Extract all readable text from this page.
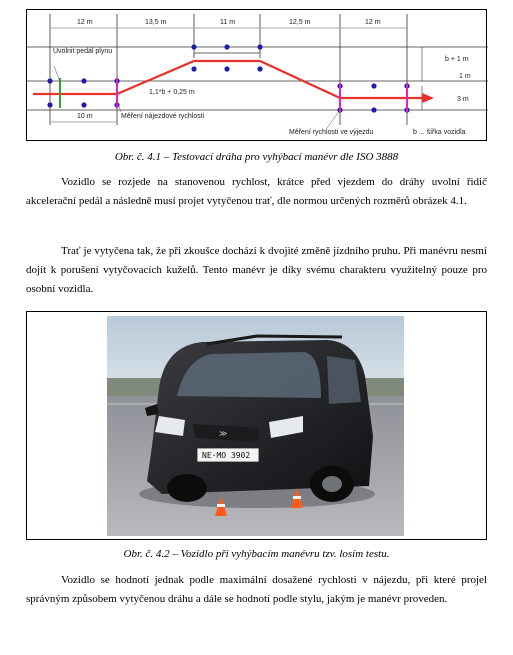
12 m	13,5 m	11 m	12,5 m	12 m
Uvolnit pedál plynu
b + 1 m
1 m
3 m
1,1*b + 0,25 m
10 m	Měření nájezdové rychlosti
Měření rychlosti ve výjezdu	b ... šířka vozidla
Obr. č. 4.1 – Testovací dráha pro vyhýbací manévr dle ISO 3888

Vozidlo se rozjede na stanovenou rychlost, krátce před vjezdem do dráhy uvolní řidič akcelerační pedál a následně musí projet vytyčenou trať, dle normou určených rozměrů obrázek 4.1.

Trať je vytyčena tak, že při zkoušce dochází k dvojité změně jízdního pruhu. Při manévru nesmí dojít k porušení vytyčovacích kuželů. Tento manévr je díky svému charakteru využitelný pouze pro osobní vozidla.

≫
NE·MO 3902
Obr. č. 4.2 – Vozidlo při vyhýbacím manévru tzv. losím testu.

Vozidlo se hodnotí jednak podle maximální dosažené rychlosti v nájezdu, při které projel správným způsobem vytyčenou dráhu a dále se hodnotí podle stylu, jakým je manévr proveden.
